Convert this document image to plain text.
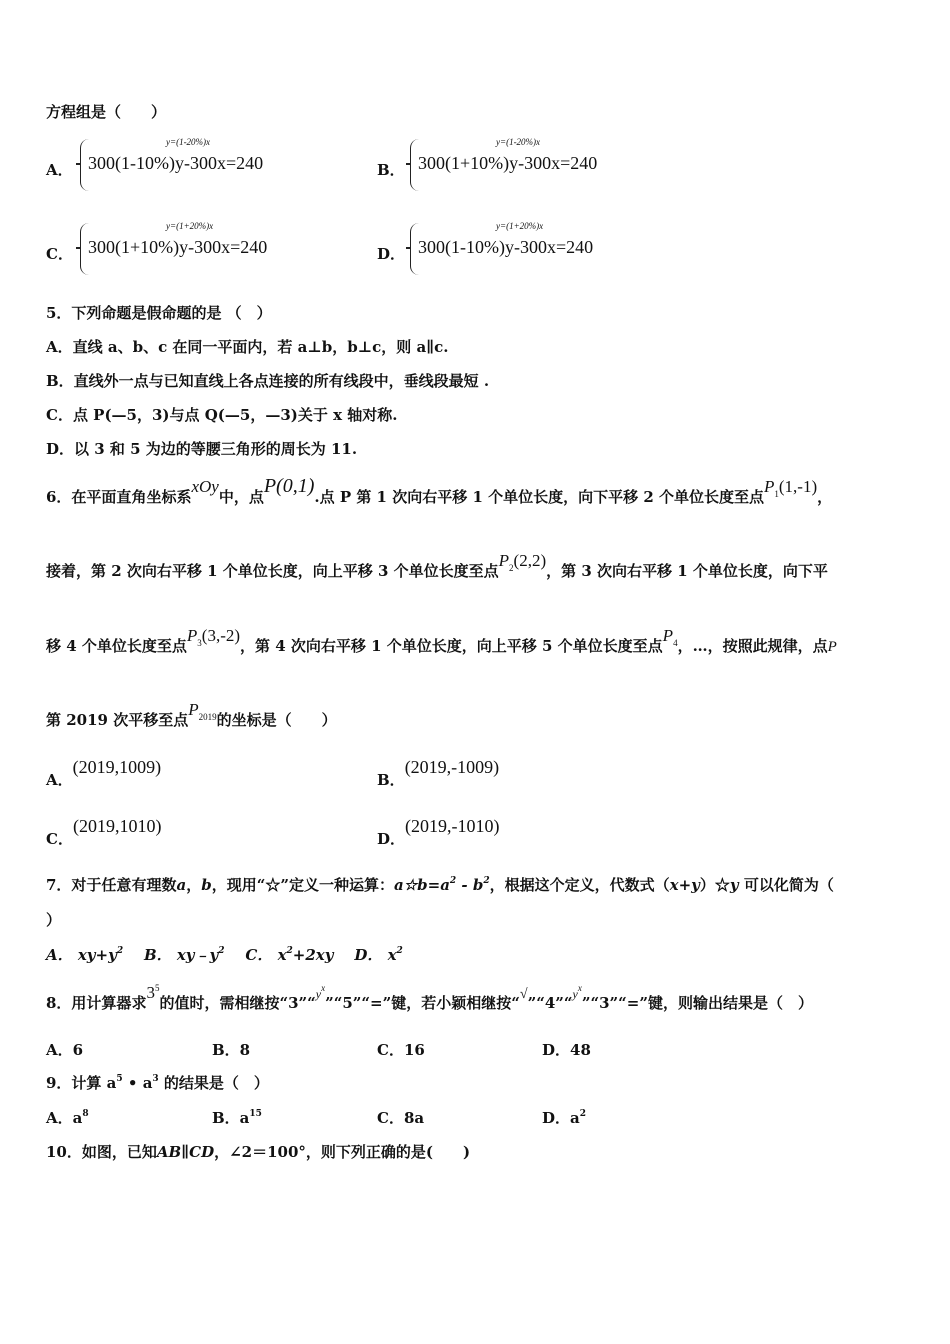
方程组是（　　）
A．
y=(1-20%)x
300(1-10%)y-300x=240	B．
y=(1-20%)x
300(1+10%)y-300x=240
C．
y=(1+20%)x
300(1+10%)y-300x=240	D．
y=(1+20%)x
300(1-10%)y-300x=240
5．下列命题是假命题的是 （　）
A．直线 a、b、c 在同一平面内，若 a⊥b，b⊥c，则 a∥c.
B．直线外一点与已知直线上各点连接的所有线段中，垂线段最短 .
C．点 P(—5，3)与点 Q(—5，—3)关于 x 轴对称.
D．以 3 和 5 为边的等腰三角形的周长为 11.
6．在平面直角坐标系xOy中，点P(0,1).点 P 第 1 次向右平移 1 个单位长度，向下平移 2 个单位长度至点$P_1(1,-1)$，
接着，第 2 次向右平移 1 个单位长度，向上平移 3 个单位长度至点$P_2(2,2)$，第 3 次向右平移 1 个单位长度，向下平
移 4 个单位长度至点$P_3(3,-2)$，第 4 次向右平移 1 个单位长度，向上平移 5 个单位长度至点$P_4$，…，按照此规律，点P
第 2019 次平移至点$P_{2019}$的坐标是（　　）
A．(2019,1009)
B．(2019,-1009)
C．(2019,1010)
D．(2019,-1010)
7．对于任意有理数a，b，现用“☆”定义一种运算：$a☆b=a^2 - b^2$，根据这个定义，代数式（x+y）☆y 可以化简为（
）
A． $xy+y^2$ B． $xy﹣y^2$ C． $x^2+2xy$ D． $x^2$
8．用计算器求$3^5$的值时，需相继按“3”“$^{y^x}$”“5”“=”键，若小颖相继按“√”“4”“$^{y^x}$”“3”“=”键，则输出结果是（　）
A．6	B．8	C．16	D．48
9．计算 $a^5$ • $a^3$ 的结果是（　）
A．$a^8$	B．$a^{15}$	C．8a	D．$a^2$
10．如图，已知AB∥CD，∠2＝100°，则下列正确的是(　　)
